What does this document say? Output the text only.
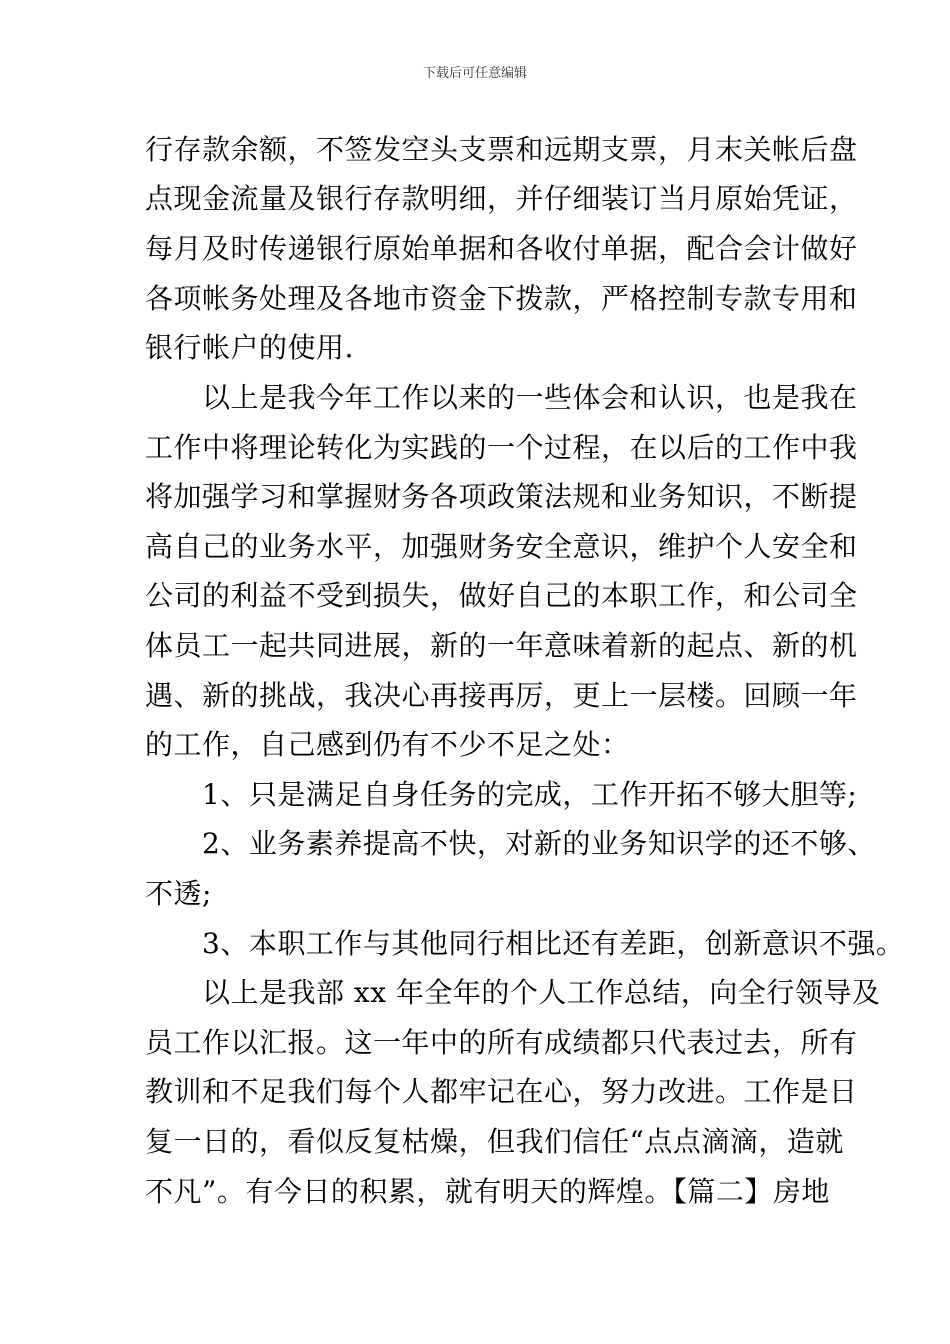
下载后可任意编辑
行存款余额，不签发空头支票和远期支票，月末关帐后盘
点现金流量及银行存款明细，并仔细装订当月原始凭证，
每月及时传递银行原始单据和各收付单据，配合会计做好
各项帐务处理及各地市资金下拨款，严格控制专款专用和
银行帐户的使用.
　　以上是我今年工作以来的一些体会和认识，也是我在
工作中将理论转化为实践的一个过程，在以后的工作中我
将加强学习和掌握财务各项政策法规和业务知识，不断提
高自己的业务水平，加强财务安全意识，维护个人安全和
公司的利益不受到损失，做好自己的本职工作，和公司全
体员工一起共同进展，新的一年意味着新的起点、新的机
遇、新的挑战，我决心再接再厉，更上一层楼。回顾一年
的工作，自己感到仍有不少不足之处：
　　1、只是满足自身任务的完成，工作开拓不够大胆等;
　　2、业务素养提高不快，对新的业务知识学的还不够、
不透;
　　3、本职工作与其他同行相比还有差距，创新意识不强。
　　以上是我部 xx 年全年的个人工作总结，向全行领导及
员工作以汇报。这一年中的所有成绩都只代表过去，所有
教训和不足我们每个人都牢记在心，努力改进。工作是日
复一日的，看似反复枯燥，但我们信任“点点滴滴，造就
不凡”。有今日的积累，就有明天的辉煌。【篇二】房地
